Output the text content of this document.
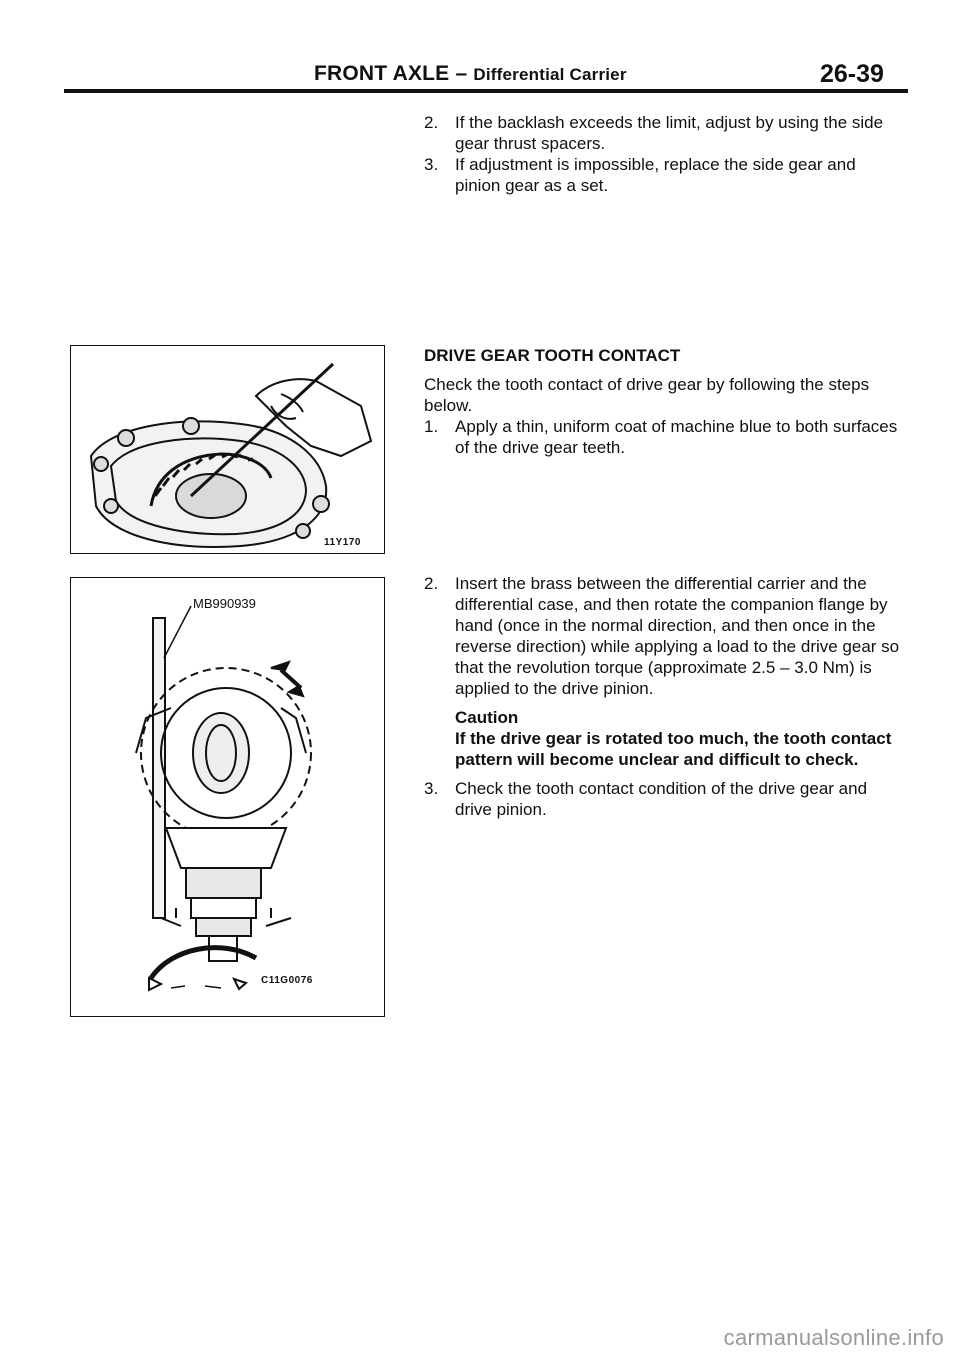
FRONT AXLE – Differential Carrier	26-39
2. If the backlash exceeds the limit, adjust by using the side gear thrust spacers.
3. If adjustment is impossible, replace the side gear and pinion gear as a set.
DRIVE GEAR TOOTH CONTACT

Check the tooth contact of drive gear by following the steps below.

1. Apply a thin, uniform coat of machine blue to both surfaces of the drive gear teeth.
2. Insert the brass between the differential carrier and the differential case, and then rotate the companion flange by hand (once in the normal direction, and then once in the reverse direction) while applying a load to the drive gear so that the revolution torque (approximate 2.5 – 3.0 Nm) is applied to the drive pinion.
Caution
If the drive gear is rotated too much, the tooth contact pattern will become unclear and difficult to check.
3. Check the tooth contact condition of the drive gear and drive pinion.
11Y170
MB990939
C11G0076
carmanualsonline.info
